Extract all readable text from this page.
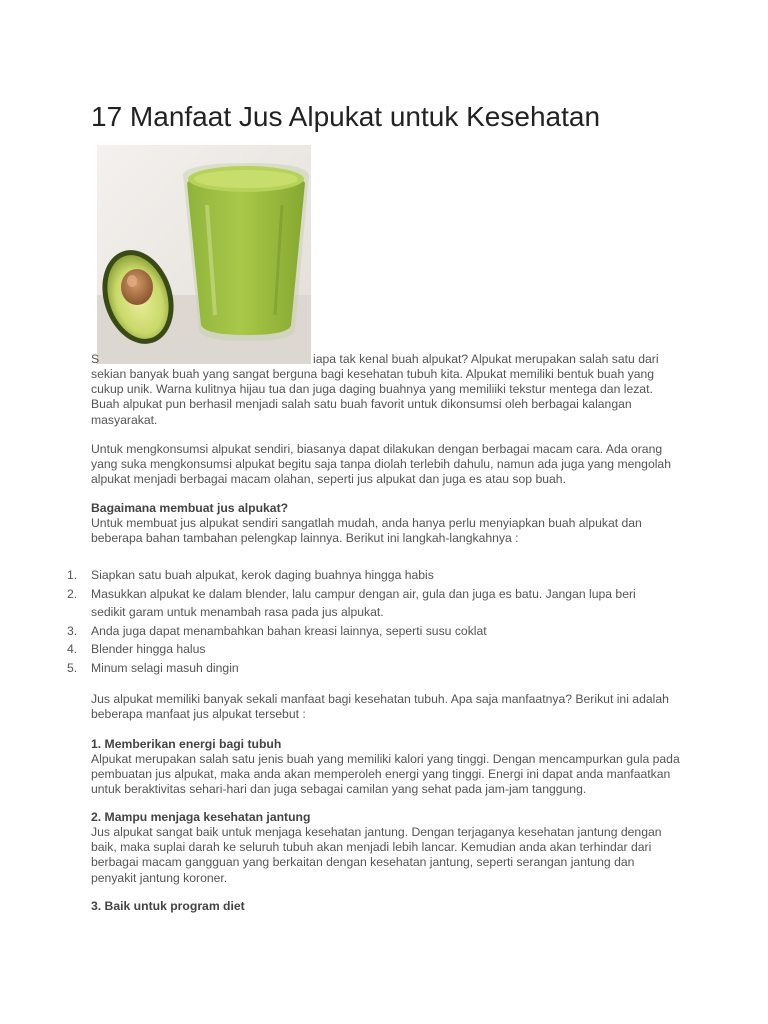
17 Manfaat Jus Alpukat untuk Kesehatan
S	iapa tak kenal buah alpukat? Alpukat merupakan salah satu dari

sekian banyak buah yang sangat berguna bagi kesehatan tubuh kita. Alpukat memiliki bentuk buah yang cukup unik. Warna kulitnya hijau tua dan juga daging buahnya yang memiliiki tekstur mentega dan lezat. Buah alpukat pun berhasil menjadi salah satu buah favorit untuk dikonsumsi oleh berbagai kalangan masyarakat.

Untuk mengkonsumsi alpukat sendiri, biasanya dapat dilakukan dengan berbagai macam cara. Ada orang yang suka mengkonsumsi alpukat begitu saja tanpa diolah terlebih dahulu, namun ada juga yang mengolah alpukat menjadi berbagai macam olahan, seperti jus alpukat dan juga es atau sop buah.

Bagaimana membuat jus alpukat?

Untuk membuat jus alpukat sendiri sangatlah mudah, anda hanya perlu menyiapkan buah alpukat dan beberapa bahan tambahan pelengkap lainnya. Berikut ini langkah-langkahnya :

1.	Siapkan satu buah alpukat, kerok daging buahnya hingga habis
2.	Masukkan alpukat ke dalam blender, lalu campur dengan air, gula dan juga es batu. Jangan lupa beri sedikit garam untuk menambah rasa pada jus alpukat.
3.	Anda juga dapat menambahkan bahan kreasi lainnya, seperti susu coklat
4.	Blender hingga halus
5.	Minum selagi masuh dingin

Jus alpukat memiliki banyak sekali manfaat bagi kesehatan tubuh. Apa saja manfaatnya? Berikut ini adalah beberapa manfaat jus alpukat tersebut :

1. Memberikan energi bagi tubuh

Alpukat merupakan salah satu jenis buah yang memiliki kalori yang tinggi. Dengan mencampurkan gula pada pembuatan jus alpukat, maka anda akan memperoleh energi yang tinggi. Energi ini dapat anda manfaatkan untuk beraktivitas sehari-hari dan juga sebagai camilan yang sehat pada jam-jam tanggung.

2. Mampu menjaga kesehatan jantung

Jus alpukat sangat baik untuk menjaga kesehatan jantung. Dengan terjaganya kesehatan jantung dengan baik, maka suplai darah ke seluruh tubuh akan menjadi lebih lancar. Kemudian anda akan terhindar dari berbagai macam gangguan yang berkaitan dengan kesehatan jantung, seperti serangan jantung dan penyakit jantung koroner.

3. Baik untuk program diet
